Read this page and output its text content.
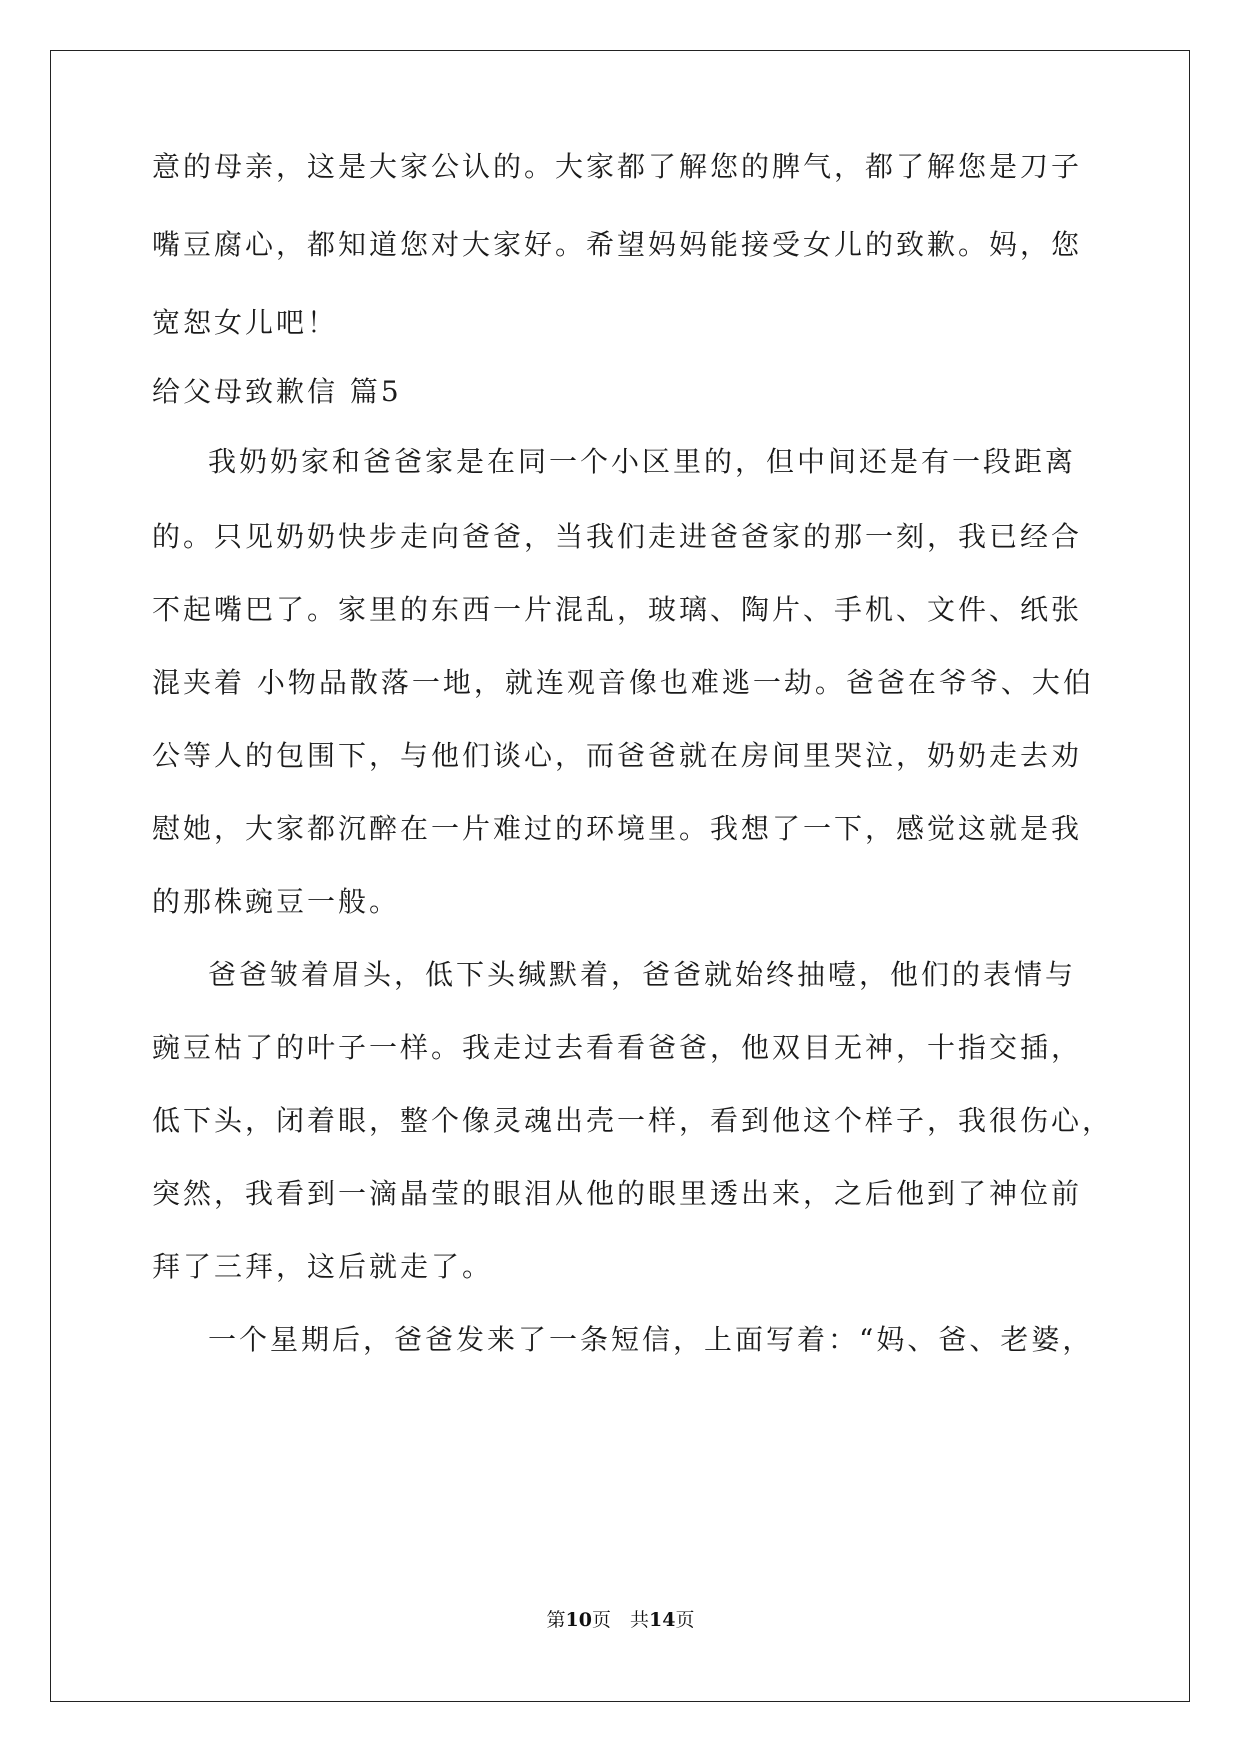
意的母亲，这是大家公认的。大家都了解您的脾气，都了解您是刀子
嘴豆腐心，都知道您对大家好。希望妈妈能接受女儿的致歉。妈，您
宽恕女儿吧！
给父母致歉信 篇5
我奶奶家和爸爸家是在同一个小区里的，但中间还是有一段距离
的。只见奶奶快步走向爸爸，当我们走进爸爸家的那一刻，我已经合
不起嘴巴了。家里的东西一片混乱，玻璃、陶片、手机、文件、纸张
混夹着 小物品散落一地，就连观音像也难逃一劫。爸爸在爷爷、大伯
公等人的包围下，与他们谈心，而爸爸就在房间里哭泣，奶奶走去劝
慰她，大家都沉醉在一片难过的环境里。我想了一下，感觉这就是我
的那株豌豆一般。
爸爸皱着眉头，低下头缄默着，爸爸就始终抽噎，他们的表情与
豌豆枯了的叶子一样。我走过去看看爸爸，他双目无神，十指交插，
低下头，闭着眼，整个像灵魂出壳一样，看到他这个样子，我很伤心，
突然，我看到一滴晶莹的眼泪从他的眼里透出来，之后他到了神位前
拜了三拜，这后就走了。
一个星期后，爸爸发来了一条短信，上面写着：“妈、爸、老婆，
第10页　共14页
